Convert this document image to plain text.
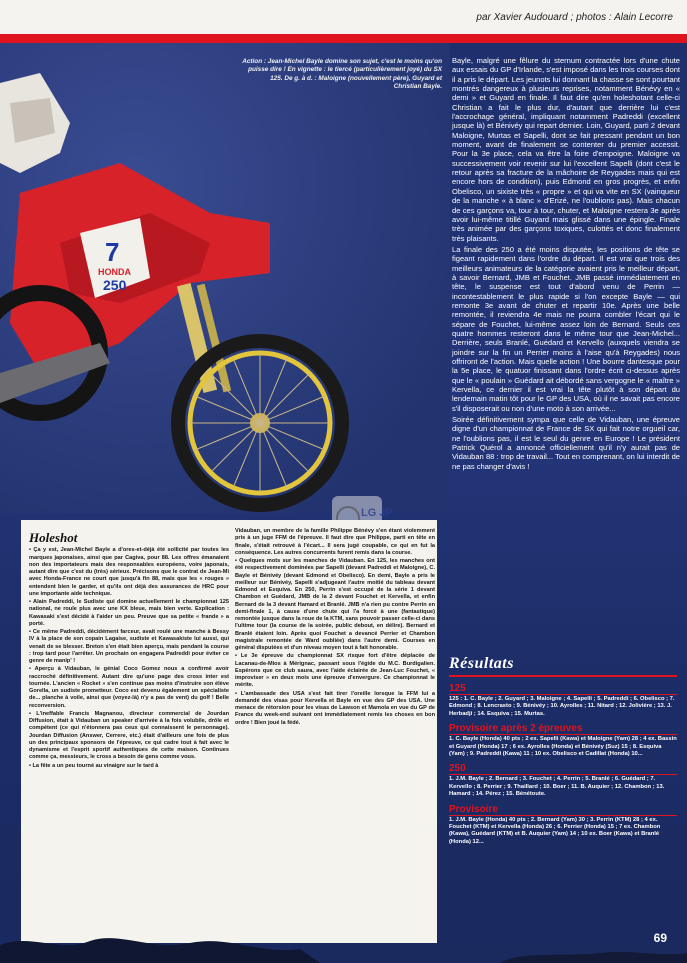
par Xavier Audouard ; photos : Alain Lecorre
7
HONDA
250
Action : Jean-Michel Bayle domine son sujet, c'est le moins qu'on puisse dire ! En vignette : le tiercé (particulièrement joyé) du SX 125. De g. à d. : Maloigne (nouvellement père), Guyard et Christian Bayle.

Bayle, malgré une fêlure du sternum contractée lors d'une chute aux essais du GP d'Irlande, s'est imposé dans les trois courses dont il a pris le départ. Les jeunots lui donnant la chasse se sont pourtant montrés dangereux à plusieurs reprises, notamment Bénévy en « demi » et Guyard en finale. Il faut dire qu'en holeshotant celle-ci Christian a fait le plus dur, d'autant que derrière lui c'est l'accrochage général, impliquant notamment Padreddi (excellent jusque là) et Bénivéy qui repart dernier. Loin, Guyard, parti 2 devant Maloigne, Murtas et Sapelli, dont se fait pressant pendant un bon moment, avant de finalement se contenter du premier accessit. Pour la 3e place, cela va être la foire d'empoigne. Maloigne va successivement voir revenir sur lui l'excellent Sapelli (dont c'est le retour après sa fracture de la mâchoire de Reygades mais qui est encore hors de condition), puis Edmond en gros progrès, et enfin Obelisco, un sixiste très « propre » et qui va vite en SX (vainqueur de la manche « à blanc » d'Erizé, ne l'oublions pas). Mais chacun de ces garçons va, tour à tour, chuter, et Maloigne restera 3e après avoir lui-même titillé Guyard mais glissé dans une épingle. Finale très animée par des garçons toxiques, culottés et donc finalement très plaisants.

La finale des 250 a été moins disputée, les positions de tête se figeant rapidement dans l'ordre du départ. Il est vrai que trois des meilleurs animateurs de la catégorie avaient pris le meilleur départ, à savoir Bernard, JMB et Fouchet. JMB passé immédiatement en tête, le suspense est tout d'abord venu de Perrin — incontestablement le plus rapide si l'on excepte Bayle — qui remonte 3e avant de chuter et repartir 10e. Après une belle remontée, il reviendra 4e mais ne pourra combler l'écart qui le sépare de Fouchet, lui-même assez loin de Bernard. Seuls ces quatre hommes resteront dans le même tour que Jean-Michel... Derrière, seuls Branlé, Guédard et Kervello (auxquels viendra se joindre sur la fin un Perrier moins à l'aise qu'à Reygades) nous offriront de l'action. Mais quelle action ! Une bourre dantesque pour la 5e place, le quatuor finissant dans l'ordre écrit ci-dessus après que le « poulain » Guédard ait débordé sans vergogne le « maître » Kervella, ce dernier il est vrai la tête plutôt à son départ du lendemain matin tôt pour le GP des USA, où il ne savait pas encore s'il disposerait ou non d'une moto à son arrivée...

Soirée définitivement sympa que celle de Vidauban, une épreuve digne d'un championnat de France de SX qui fait notre orgueil car, ne l'oublions pas, il est le seul du genre en Europe ! Le président Patrick Quérol a annoncé officiellement qu'il n'y aurait pas de Vidauban 88 : trop de travail... Tout en comprenant, on lui interdit de ne pas changer d'avis !

LG JP
Holeshot

• Ça y est, Jean-Michel Bayle a d'ores-et-déjà été sollicité par toutes les marques japonaises, ainsi que par Cagiva, pour 88. Les offres émanaient non des importateurs mais des responsables européens, voire japonais, autant dire que c'est du (très) sérieux. Précisons que le contrat de Jean-Mi avec Honda-France ne court que jusqu'à fin 88, mais que les « rouges » entendent bien le garder, et qu'ils ont déjà des assurances de HRC pour une importante aide technique.

• Alain Padreddi, le Sudiste qui domine actuellement le championnat 125 national, ne roule plus avec une KX bleue, mais bien verte. Explication : Kawasaki s'est décidé à l'aider un peu. Preuve que sa petite « frande » a porté.

• Ce même Padreddi, décidément farceur, avait roulé une manche à Bessy IV à la place de son copain Lagaise, sudiste et Kawasakiste lui aussi, qui venait de se blesser. Breton s'en était bien aperçu, mais pendant la course : trop tard pour l'arrêter. Un prochain on engagera Padreddi pour éviter ce genre de manip' !

• Aperçu à Vidauban, le génial Coco Gomez nous a confirmé avoir raccroché définitivement. Autant dire qu'une page des cross inter est tournée. L'ancien « Rocket » s'en continue pas moins d'instruire son élève Gorella, un sudiste prometteur. Coco est devenu également un spécialiste de... planche à voile, ainsi que (voyez-là) n'y a pas de vent) du golf ! Belle reconversion.

• L'ineffable Francis Magnanou, directeur commercial de Jourdan Diffusion, était à Vidauban un speaker d'arrivée à la fois volubile, drôle et compétent (ce qui n'étonnera pas ceux qui connaissent le personnage). Jourdan Diffusion (Answer, Cerrere, etc.) était d'ailleurs une fois de plus un des principaux sponsors de l'épreuve, ce qui cadre tout à fait avec le dynamisme et l'esprit sportif authentiques de cette maison. Continues comme ça, messieurs, le cross a besoin de gens comme vous.

• La fête a un peu tourné au vinaigre sur le tard à

Vidauban, un membre de la famille Philippe Bénévy s'en étant violemment pris à un juge FFM de l'épreuve. Il faut dire que Philippe, parti en tête en finale, s'était retrouvé à l'écart... Il sera jugé coupable, ce qui en fut la conséquence. Les autres concurrents furent remis dans la course.

• Quelques mots sur les manches de Vidauban. En 125, les manches ont été respectivement dominées par Sapelli (devant Padreddi et Maloigne), C. Bayle et Bénivéy (devant Edmond et Obelisco). En demi, Bayle a pris le meilleur sur Bénivéy, Sapelli s'adjugeant l'autre moitié du tableau devant Edmond et Esquiva. En 250, Perrin s'est occupé de la série 1 devant Chambon et Guédard, JMB de la 2 devant Fouchet et Kervella, et enfin Bernard de la 3 devant Hamard et Branlé. JMB n'a rien pu contre Perrin en demi-finale 1, à cause d'une chute qui l'a forcé à une (fantastique) remontée jusque dans la roue de la KTM, sans pouvoir passer celle-ci dans l'ultime tour (la course de la soirée, public debout, en délire). Bernard et Branlé étaient loin. Après quoi Fouchet a devancé Perrier et Chambon magistrale remontée de Ward oubliée) dans l'autre demi. Courses en général disputées et d'un niveau moyen tout à fait honorable.

• Le 3e épreuve du championnat SX risque fort d'être déplacée de Lacanau-de-Mios à Mérignac, passant sous l'égide du M.C. Burdigalien. Espérons que ce club saura, avec l'aide éclairée de Jean-Luc Fouchet, « improviser » en deux mois une épreuve d'envergure. Ce championnat le mérite.

• L'ambassade des USA s'est fait tirer l'oreille lorsque la FFM lui a demandé des visas pour Kervella et Bayle en vue des GP des USA. Une menace de rétorsion pour les visas de Lawson et Mamola en vue du GP de France du week-end suivant ont immédiatement remis les choses en bon ordre ! Bien joué la fédé.

Résultats
125
125 : 1. C. Bayle ; 2. Guyard ; 3. Maloigne ; 4. Sapelli ; 5. Padreddi ; 6. Obelisco ; 7. Edmond ; 8. Lencrasto ; 9. Bénivéy ; 10. Ayrolles ; 11. Nitard ; 12. Jolivière ; 13. J. Herbadji ; 14. Esquiva ; 15. Murtas.
Provisoire après 2 épreuves
1. C. Bayle (Honda) 40 pts ; 2 ex. Sapelli (Kawa) et Maloigne (Yam) 28 ; 4 ex. Bassin et Guyard (Honda) 17 ; 6 ex. Ayrolles (Honda) et Bénivéy (Suz) 15 ; 8. Esquiva (Yam) ; 9. Padreddi (Kawa) 11 ; 10 ex. Obelisco et Cadillat (Honda) 10...
250
1. J.M. Bayle ; 2. Bernard ; 3. Fouchet ; 4. Perrin ; 5. Branlé ; 6. Guédard ; 7. Kervello ; 8. Perrier ; 9. Thaillard ; 10. Boer ; 11. B. Auquier ; 12. Chambon ; 13. Hamard ; 14. Pérez ; 15. Bénétoute.
Provisoire
1. J.M. Bayle (Honda) 40 pts ; 2. Bernard (Yam) 30 ; 3. Perrin (KTM) 28 ; 4 ex. Fouchet (KTM) et Kervella (Honda) 26 ; 6. Perrier (Honda) 15 ; 7 ex. Chambon (Kawa), Guédard (KTM) et B. Auquier (Yam) 14 ; 10 ex. Boer (Kawa) et Branlé (Honda) 12...
69
